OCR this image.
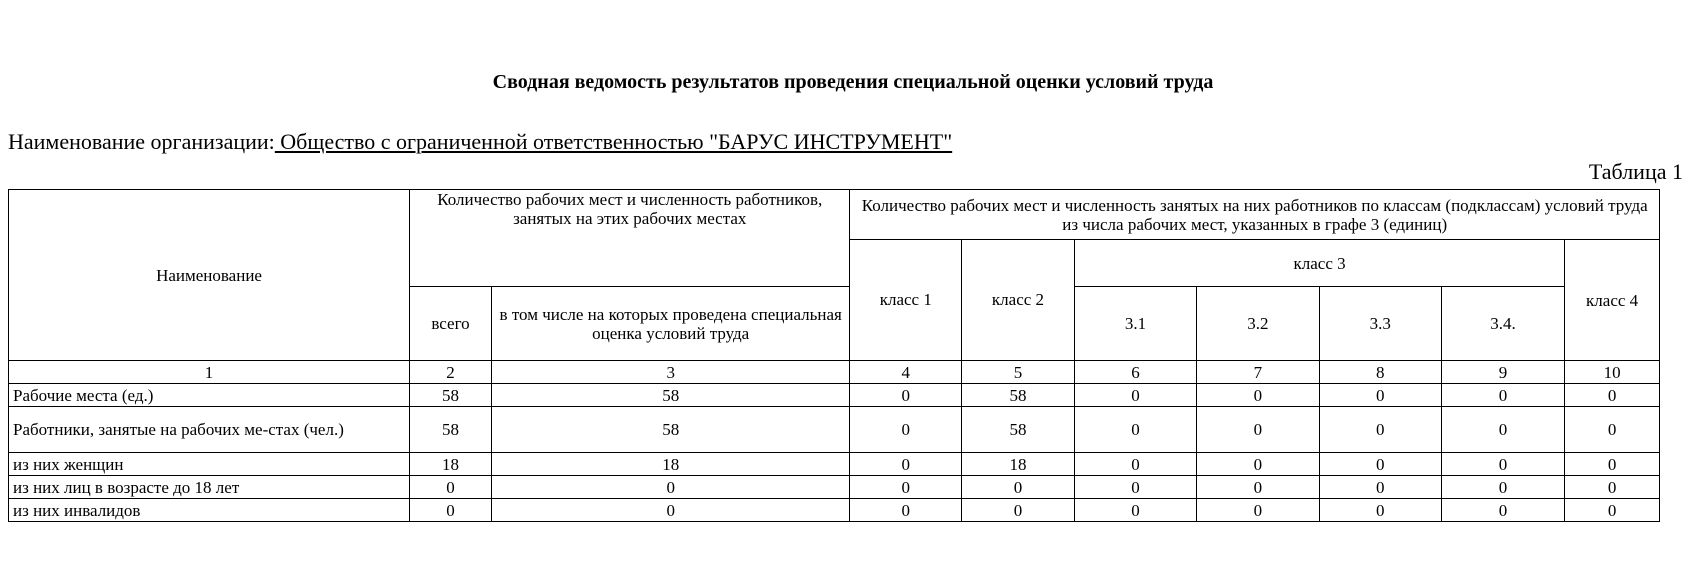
Сводная ведомость результатов проведения специальной оценки условий труда
Наименование организации: Общество с ограниченной ответственностью "БАРУС ИНСТРУМЕНТ"
Таблица 1
Наименование	Количество рабочих мест и численность работников, занятых на этих рабочих местах		Количество рабочих мест и численность занятых на них работников по классам (подклассам) условий труда из числа рабочих мест, указанных в графе 3 (единиц)						
			класс 1	класс 2	класс 3				класс 4
	всего	в том числе на которых проведена специальная оценка условий труда			3.1	3.2	3.3	3.4.	
1	2	3	4	5	6	7	8	9	10
Рабочие места (ед.)	58	58	0	58	0	0	0	0	0
Работники, занятые на рабочих ме-стах (чел.)	58	58	0	58	0	0	0	0	0
из них женщин	18	18	0	18	0	0	0	0	0
из них лиц в возрасте до 18 лет	0	0	0	0	0	0	0	0	0
из них инвалидов	0	0	0	0	0	0	0	0	0
